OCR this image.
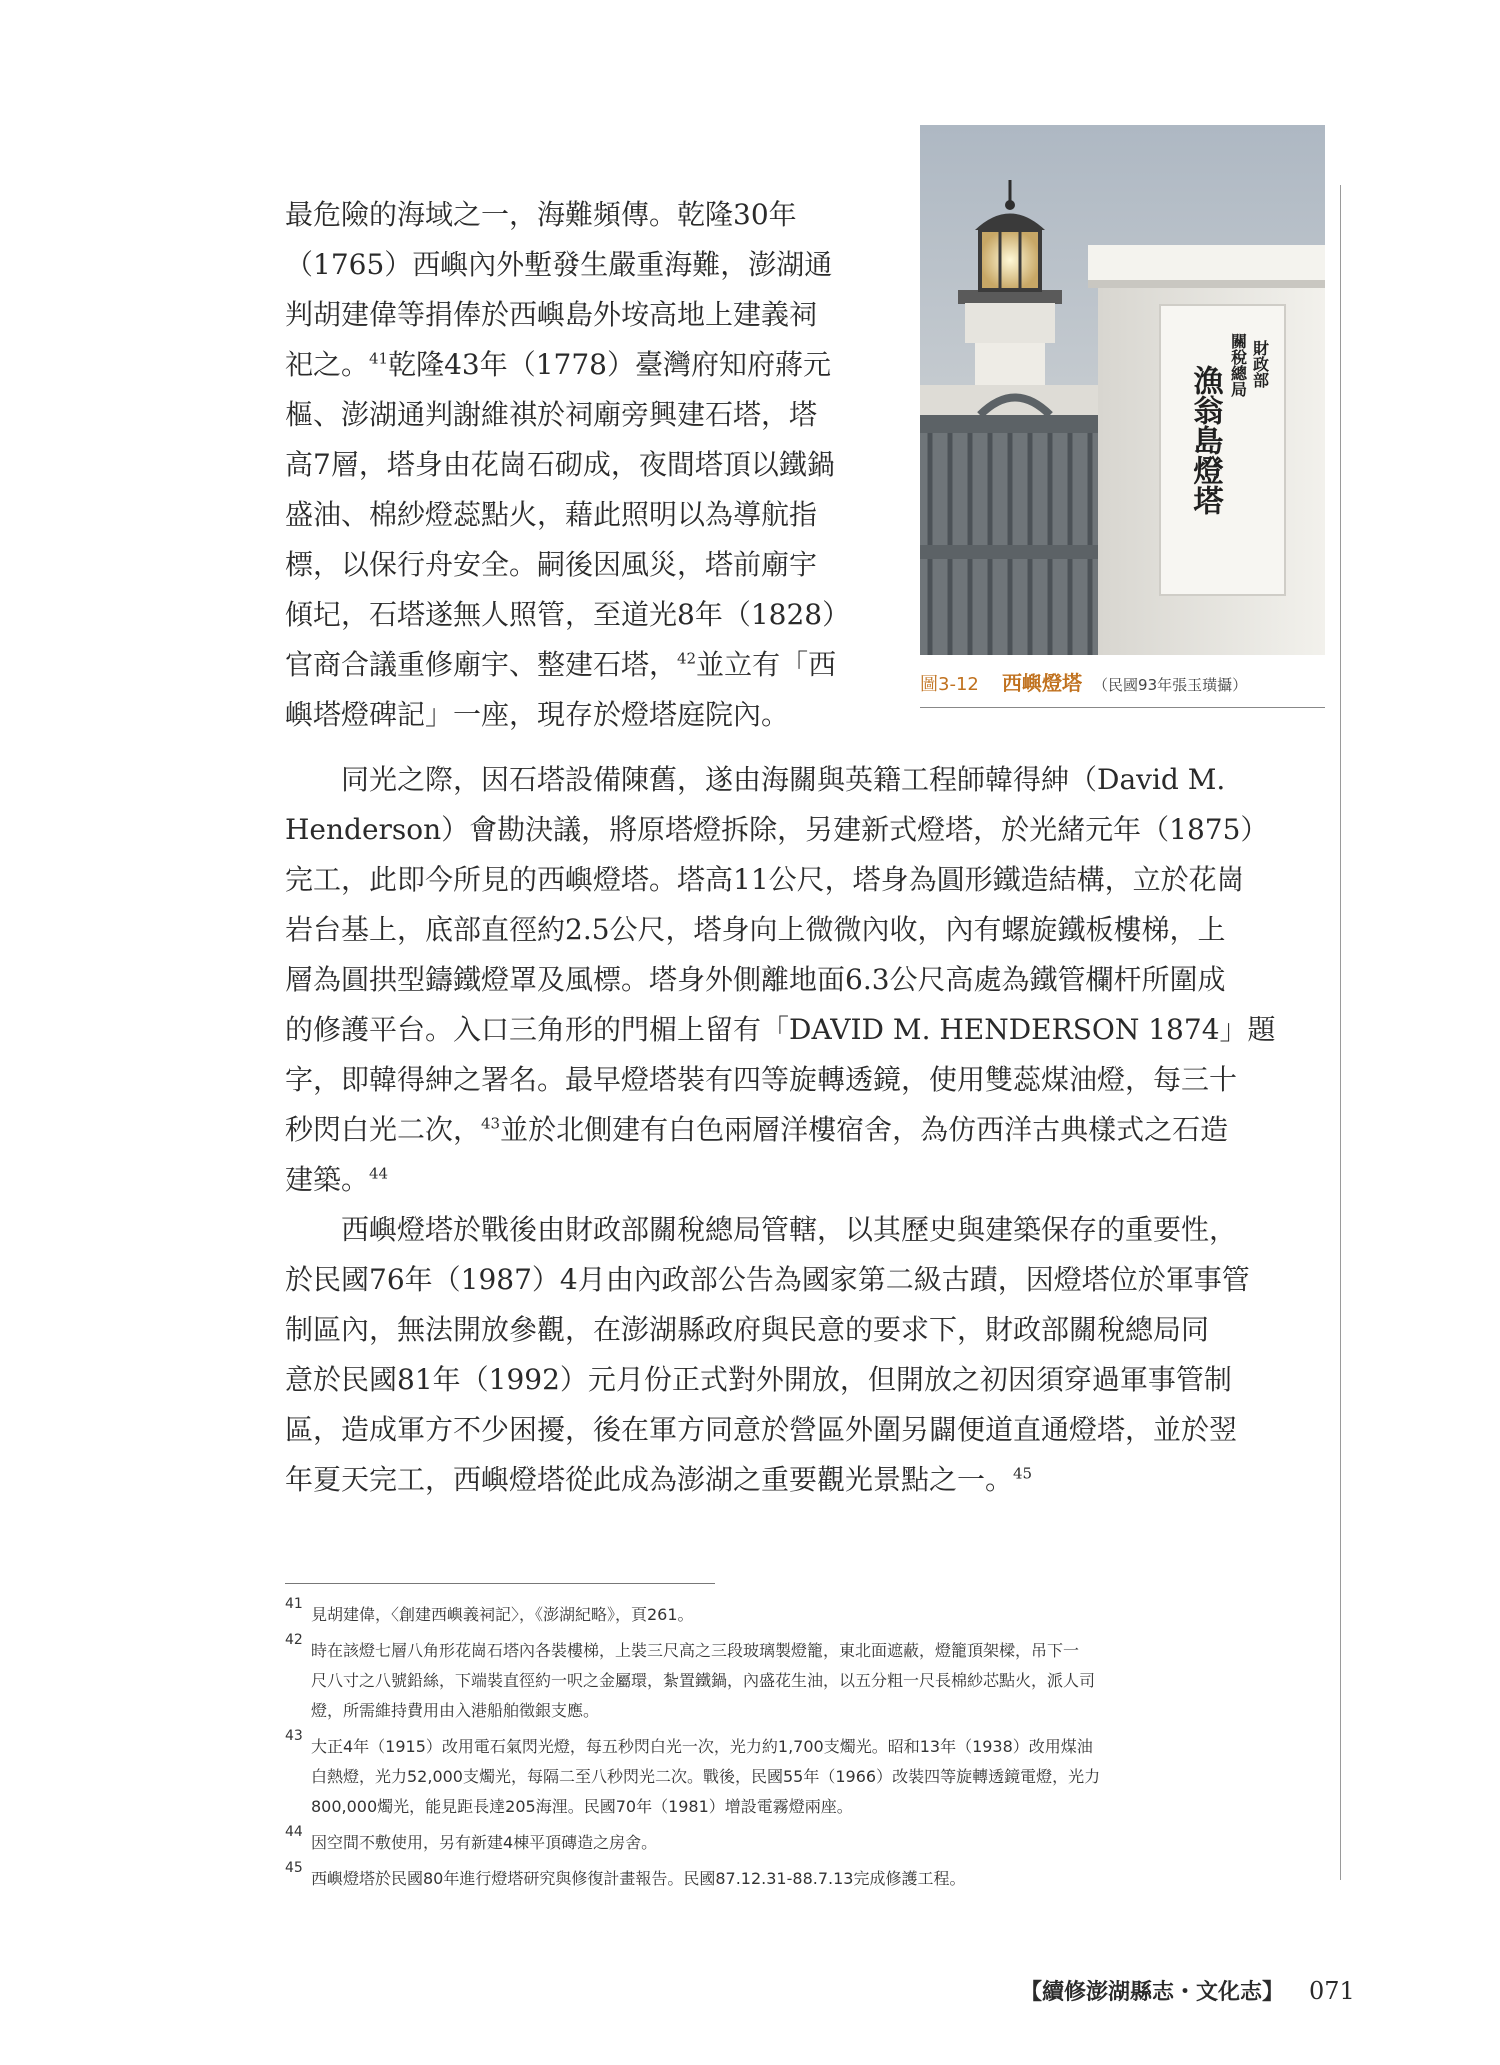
最危險的海域之一，海難頻傳。乾隆30年
（1765）西嶼內外塹發生嚴重海難，澎湖通
判胡建偉等捐俸於西嶼島外垵高地上建義祠
祀之。$^{41}$乾隆43年（1778）臺灣府知府蔣元
樞、澎湖通判謝維祺於祠廟旁興建石塔，塔
高7層，塔身由花崗石砌成，夜間塔頂以鐵鍋
盛油、棉紗燈蕊點火，藉此照明以為導航指
標，以保行舟安全。嗣後因風災，塔前廟宇
傾圮，石塔遂無人照管，至道光8年（1828）
官商合議重修廟宇、整建石塔，$^{42}$並立有「西
嶼塔燈碑記」一座，現存於燈塔庭院內。
財政部
關稅總局
漁翁島燈塔
圖3-12 西嶼燈塔 （民國93年張玉璜攝）
　　同光之際，因石塔設備陳舊，遂由海關與英籍工程師韓得紳（David M.
Henderson）會勘決議，將原塔燈拆除，另建新式燈塔，於光緒元年（1875）
完工，此即今所見的西嶼燈塔。塔高11公尺，塔身為圓形鐵造結構，立於花崗
岩台基上，底部直徑約2.5公尺，塔身向上微微內收，內有螺旋鐵板樓梯，上
層為圓拱型鑄鐵燈罩及風標。塔身外側離地面6.3公尺高處為鐵管欄杆所圍成
的修護平台。入口三角形的門楣上留有「DAVID M. HENDERSON 1874」題
字，即韓得紳之署名。最早燈塔裝有四等旋轉透鏡，使用雙蕊煤油燈，每三十
秒閃白光二次，$^{43}$並於北側建有白色兩層洋樓宿舍，為仿西洋古典樣式之石造
建築。$^{44}$
　　西嶼燈塔於戰後由財政部關稅總局管轄，以其歷史與建築保存的重要性，
於民國76年（1987）4月由內政部公告為國家第二級古蹟，因燈塔位於軍事管
制區內，無法開放參觀，在澎湖縣政府與民意的要求下，財政部關稅總局同
意於民國81年（1992）元月份正式對外開放，但開放之初因須穿過軍事管制
區，造成軍方不少困擾，後在軍方同意於營區外圍另闢便道直通燈塔，並於翌
年夏天完工，西嶼燈塔從此成為澎湖之重要觀光景點之一。$^{45}$
41
見胡建偉，〈創建西嶼義祠記〉，《澎湖紀略》，頁261。
42
時在該燈七層八角形花崗石塔內各裝樓梯，上裝三尺高之三段玻璃製燈籠，東北面遮蔽，燈籠頂架樑，吊下一
尺八寸之八號鉛絲，下端裝直徑約一呎之金屬環，紮置鐵鍋，內盛花生油，以五分粗一尺長棉紗芯點火，派人司
燈，所需維持費用由入港船舶徵銀支應。
43
大正4年（1915）改用電石氣閃光燈，每五秒閃白光一次，光力約1,700支燭光。昭和13年（1938）改用煤油
白熱燈，光力52,000支燭光，每隔二至八秒閃光二次。戰後，民國55年（1966）改裝四等旋轉透鏡電燈，光力
800,000燭光，能見距長達205海浬。民國70年（1981）增設電霧燈兩座。
44
因空間不敷使用，另有新建4棟平頂磚造之房舍。
45
西嶼燈塔於民國80年進行燈塔研究與修復計畫報告。民國87.12.31-88.7.13完成修護工程。
【續修澎湖縣志・文化志】 071
